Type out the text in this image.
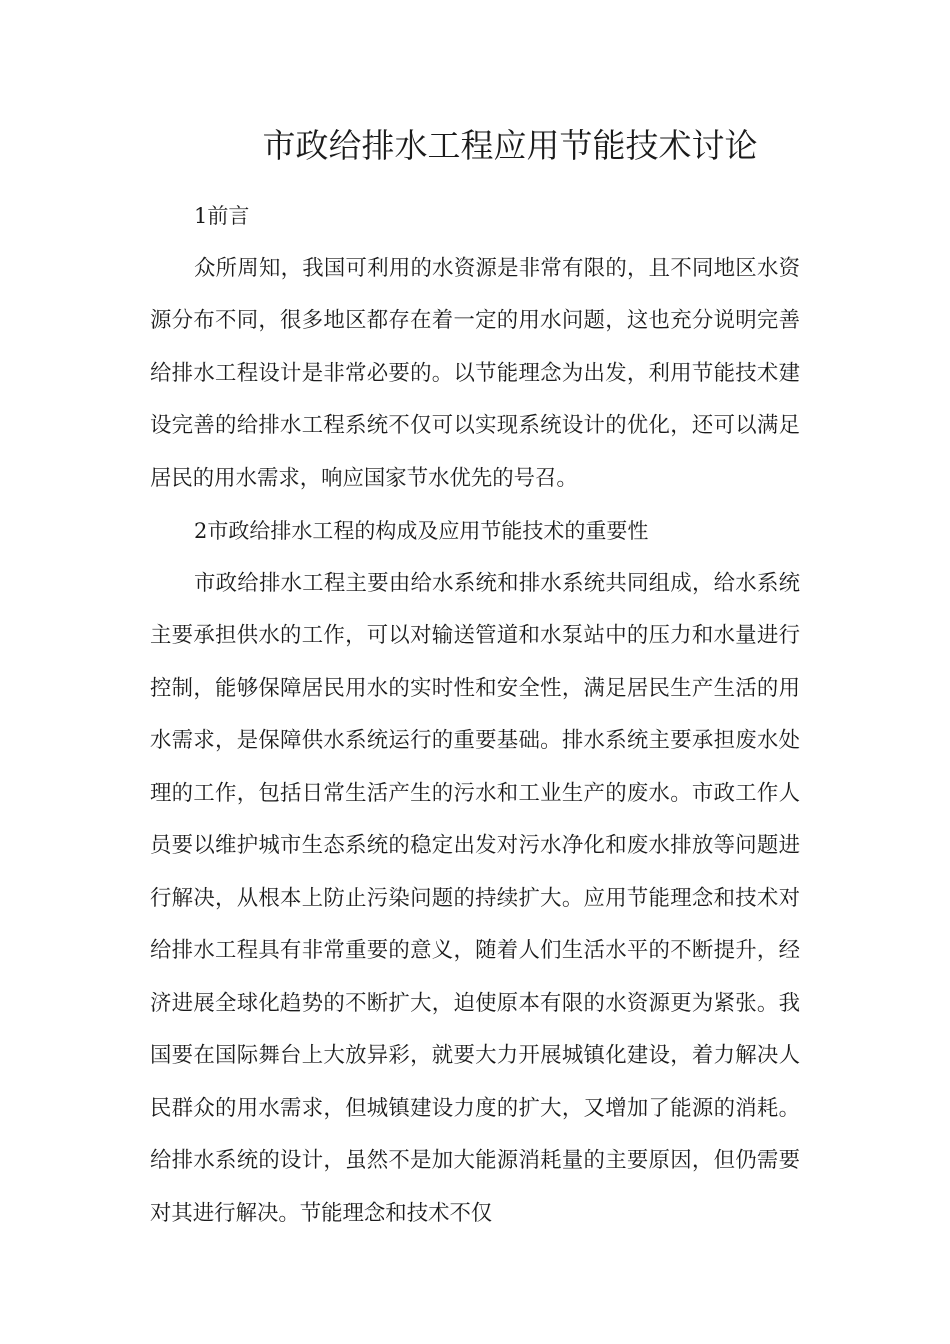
市政给排水工程应用节能技术讨论

1前言

众所周知，我国可利用的水资源是非常有限的，且不同地区水资源分布不同，很多地区都存在着一定的用水问题，这也充分说明完善给排水工程设计是非常必要的。以节能理念为出发，利用节能技术建设完善的给排水工程系统不仅可以实现系统设计的优化，还可以满足居民的用水需求，响应国家节水优先的号召。

2市政给排水工程的构成及应用节能技术的重要性

市政给排水工程主要由给水系统和排水系统共同组成，给水系统主要承担供水的工作，可以对输送管道和水泵站中的压力和水量进行控制，能够保障居民用水的实时性和安全性，满足居民生产生活的用水需求，是保障供水系统运行的重要基础。排水系统主要承担废水处理的工作，包括日常生活产生的污水和工业生产的废水。市政工作人员要以维护城市生态系统的稳定出发对污水净化和废水排放等问题进行解决，从根本上防止污染问题的持续扩大。应用节能理念和技术对给排水工程具有非常重要的意义，随着人们生活水平的不断提升，经济进展全球化趋势的不断扩大，迫使原本有限的水资源更为紧张。我国要在国际舞台上大放异彩，就要大力开展城镇化建设，着力解决人民群众的用水需求，但城镇建设力度的扩大，又增加了能源的消耗。给排水系统的设计，虽然不是加大能源消耗量的主要原因，但仍需要对其进行解决。节能理念和技术不仅
